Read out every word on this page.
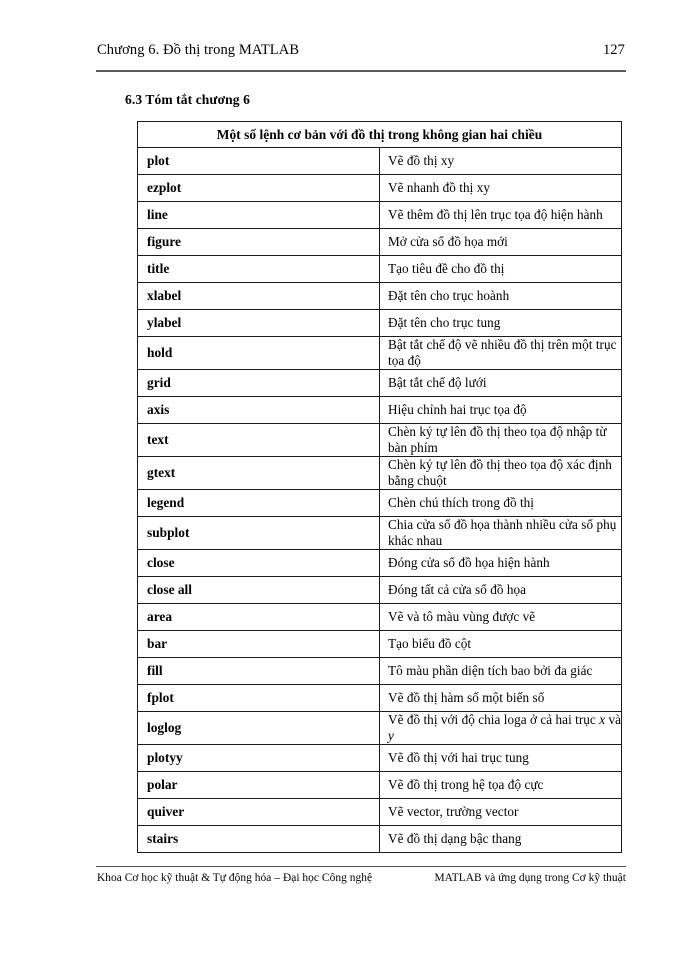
Chương 6. Đồ thị trong MATLAB	127
6.3 Tóm tắt chương 6
Một số lệnh cơ bản với đồ thị trong không gian hai chiều	
plot	Vẽ đồ thị xy
ezplot	Vẽ nhanh đồ thị xy
line	Vẽ thêm đồ thị lên trục tọa độ hiện hành
figure	Mở cửa sổ đồ họa mới
title	Tạo tiêu đề cho đồ thị
xlabel	Đặt tên cho trục hoành
ylabel	Đặt tên cho trục tung
hold	Bật tắt chế độ vẽ nhiều đồ thị trên một trục tọa độ
grid	Bật tắt chế độ lưới
axis	Hiệu chỉnh hai trục tọa độ
text	Chèn ký tự lên đồ thị theo tọa độ nhập từ bàn phím
gtext	Chèn ký tự lên đồ thị theo tọa độ xác định bằng chuột
legend	Chèn chú thích trong đồ thị
subplot	Chia cửa sổ đồ họa thành nhiều cửa sổ phụ khác nhau
close	Đóng cửa sổ đồ họa hiện hành
close all	Đóng tất cả cửa sổ đồ họa
area	Vẽ và tô màu vùng được vẽ
bar	Tạo biểu đồ cột
fill	Tô màu phần diện tích bao bởi đa giác
fplot	Vẽ đồ thị hàm số một biến số
loglog	Vẽ đồ thị với độ chia loga ở cả hai trục x và y
plotyy	Vẽ đồ thị với hai trục tung
polar	Vẽ đồ thị trong hệ tọa độ cực
quiver	Vẽ vector, trường vector
stairs	Vẽ đồ thị dạng bậc thang
Khoa Cơ học kỹ thuật & Tự động hóa – Đại học Công nghệ	MATLAB và ứng dụng trong Cơ kỹ thuật
